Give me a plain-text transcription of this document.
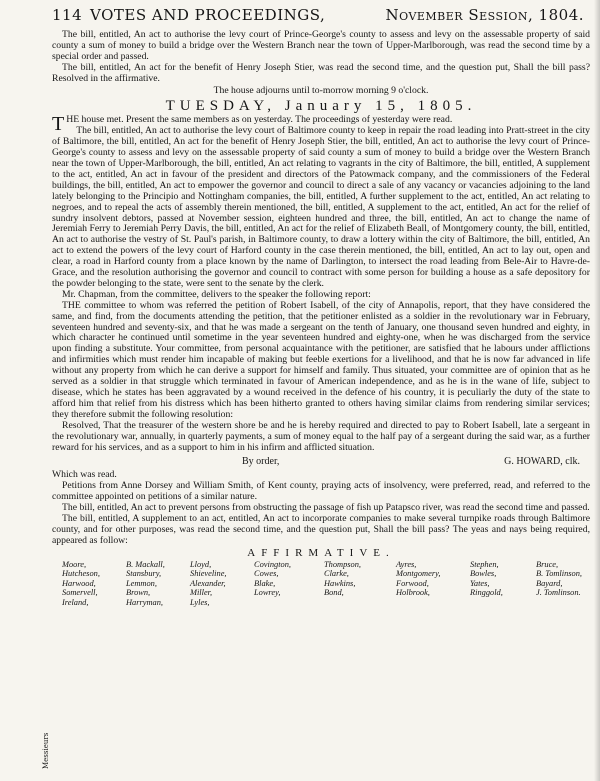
114 VOTES AND PROCEEDINGS,	November Session, 1804.

The bill, entitled, An act to authorise the levy court of Prince-George's county to assess and levy on the assessable property of said county a sum of money to build a bridge over the Western Branch near the town of Upper-Marlborough, was read the second time by a special order and passed.

The bill, entitled, An act for the benefit of Henry Joseph Stier, was read the second time, and the question put, Shall the bill pass? Resolved in the affirmative.

The house adjourns until to-morrow morning 9 o'clock.

TUESDAY, January 15, 1805.

THE house met. Present the same members as on yesterday. The proceedings of yesterday were read.

The bill, entitled, An act to authorise the levy court of Baltimore county to keep in repair the road leading into Pratt-street in the city of Baltimore, the bill, entitled, An act for the benefit of Henry Joseph Stier, the bill, entitled, An act to authorise the levy court of Prince-George's county to assess and levy on the assessable property of said county a sum of money to build a bridge over the Western Branch near the town of Upper-Marlborough, the bill, entitled, An act relating to vagrants in the city of Baltimore, the bill, entitled, A supplement to the act, entitled, An act in favour of the president and directors of the Patowmack company, and the commissioners of the Federal buildings, the bill, entitled, An act to empower the governor and council to direct a sale of any vacancy or vacancies adjoining to the land lately belonging to the Principio and Nottingham companies, the bill, entitled, A further supplement to the act, entitled, An act relating to negroes, and to repeal the acts of assembly therein mentioned, the bill, entitled, A supplement to the act, entitled, An act for the relief of sundry insolvent debtors, passed at November session, eighteen hundred and three, the bill, entitled, An act to change the name of Jeremiah Ferry to Jeremiah Perry Davis, the bill, entitled, An act for the relief of Elizabeth Beall, of Montgomery county, the bill, entitled, An act to authorise the vestry of St. Paul's parish, in Baltimore county, to draw a lottery within the city of Baltimore, the bill, entitled, An act to extend the powers of the levy court of Harford county in the case therein mentioned, the bill, entitled, An act to lay out, open and clear, a road in Harford county from a place known by the name of Darlington, to intersect the road leading from Bele-Air to Havre-de-Grace, and the resolution authorising the governor and council to contract with some person for building a house as a safe depository for the powder belonging to the state, were sent to the senate by the clerk.

Mr. Chapman, from the committee, delivers to the speaker the following report:

THE committee to whom was referred the petition of Robert Isabell, of the city of Annapolis, report, that they have considered the same, and find, from the documents attending the petition, that the petitioner enlisted as a soldier in the revolutionary war in February, seventeen hundred and seventy-six, and that he was made a sergeant on the tenth of January, one thousand seven hundred and eighty, in which character he continued until sometime in the year seventeen hundred and eighty-one, when he was discharged from the service upon finding a substitute. Your committee, from personal acquaintance with the petitioner, are satisfied that he labours under afflictions and infirmities which must render him incapable of making but feeble exertions for a livelihood, and that he is now far advanced in life without any property from which he can derive a support for himself and family. Thus situated, your committee are of opinion that as he served as a soldier in that struggle which terminated in favour of American independence, and as he is in the wane of life, subject to disease, which he states has been aggravated by a wound received in the defence of his country, it is peculiarly the duty of the state to afford him that relief from his distress which has been hitherto granted to others having similar claims from rendering similar services; they therefore submit the following resolution:

Resolved, That the treasurer of the western shore be and he is hereby required and directed to pay to Robert Isabell, late a sergeant in the revolutionary war, annually, in quarterly payments, a sum of money equal to the half pay of a sergeant during the said war, as a further reward for his services, and as a support to him in his infirm and afflicted situation.

By order,	G. HOWARD, clk.

Which was read.

Petitions from Anne Dorsey and William Smith, of Kent county, praying acts of insolvency, were preferred, read, and referred to the committee appointed on petitions of a similar nature.

The bill, entitled, An act to prevent persons from obstructing the passage of fish up Patapsco river, was read the second time and passed.

The bill, entitled, A supplement to an act, entitled, An act to incorporate companies to make several turnpike roads through Baltimore county, and for other purposes, was read the second time, and the question put, Shall the bill pass? The yeas and nays being required, appeared as follow:

AFFIRMATIVE.
Moore,
Hutcheson,
Harwood,
Somervell,
Ireland,
B. Mackall,
Stansbury,
Lemmon,
Brown,
Harryman,
Lloyd,
Shieveline,
Alexander,
Miller,
Lyles,
Covington,
Cowes,
Blake,
Lowrey,
Thompson,
Clarke,
Hawkins,
Bond,
Ayres,
Montgomery,
Forwood,
Holbrook,
Stephen,
Bowles,
Yates,
Ringgold,
Bruce,
B. Tomlinson,
Bayard,
J. Tomlinson.
Messieurs
